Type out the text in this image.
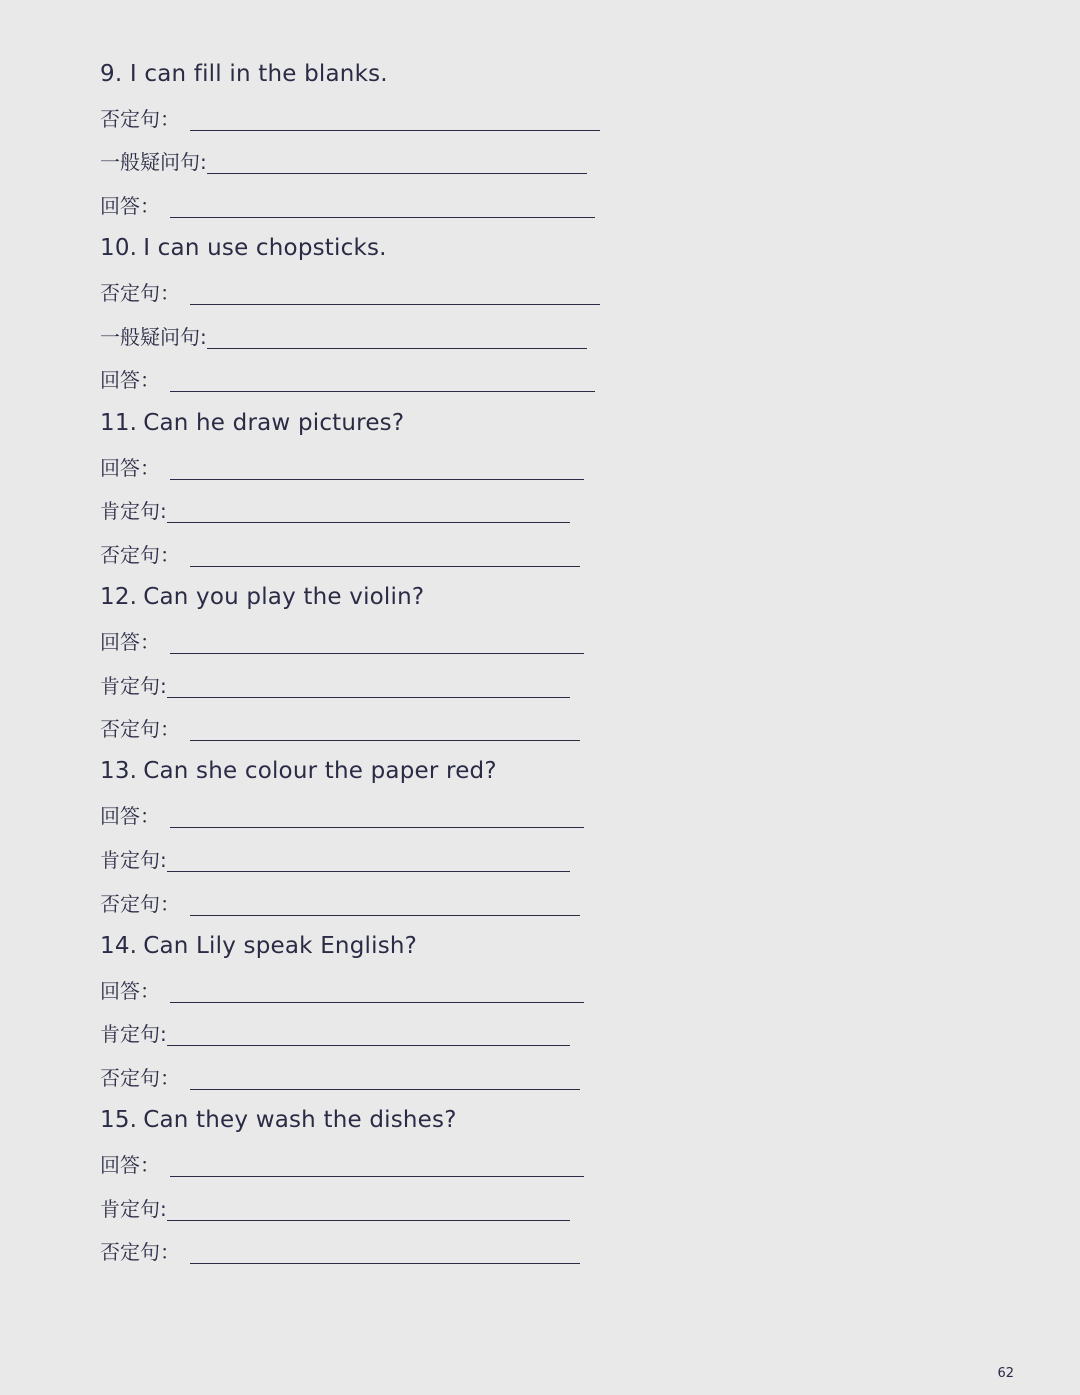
9.
I can fill in the blanks.
否定句：
一般疑问句:
回答：
10. I can use chopsticks.
否定句：
一般疑问句:
回答：
11. Can he draw pictures?
回答：
肯定句:
否定句：
12. Can you play the violin?
回答：
肯定句:
否定句：
13. Can she colour the paper red?
回答：
肯定句:
否定句：
14. Can Lily speak English?
回答：
肯定句:
否定句：
15. Can they wash the dishes?
回答：
肯定句:
否定句：
62
